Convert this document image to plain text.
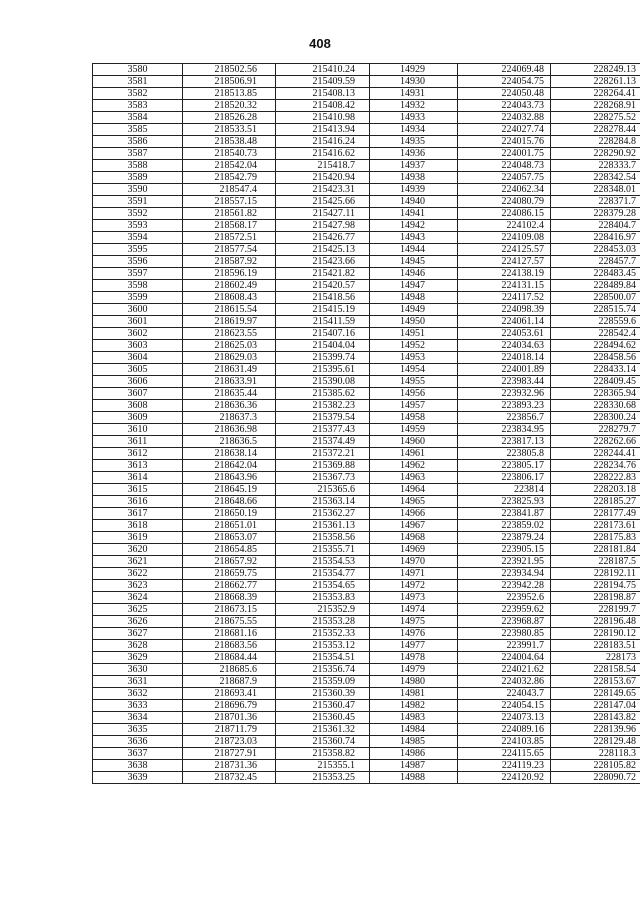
408
3580	218502.56	215410.24	14929	224069.48	228249.13
3581	218506.91	215409.59	14930	224054.75	228261.13
3582	218513.85	215408.13	14931	224050.48	228264.41
3583	218520.32	215408.42	14932	224043.73	228268.91
3584	218526.28	215410.98	14933	224032.88	228275.52
3585	218533.51	215413.94	14934	224027.74	228278.44
3586	218538.48	215416.24	14935	224015.76	228284.8
3587	218540.73	215416.62	14936	224001.75	228290.92
3588	218542.04	215418.7	14937	224048.73	228333.7
3589	218542.79	215420.94	14938	224057.75	228342.54
3590	218547.4	215423.31	14939	224062.34	228348.01
3591	218557.15	215425.66	14940	224080.79	228371.7
3592	218561.82	215427.11	14941	224086.15	228379.28
3593	218568.17	215427.98	14942	224102.4	228404.7
3594	218572.51	215426.77	14943	224109.08	228416.97
3595	218577.54	215425.13	14944	224125.57	228453.03
3596	218587.92	215423.66	14945	224127.57	228457.7
3597	218596.19	215421.82	14946	224138.19	228483.45
3598	218602.49	215420.57	14947	224131.15	228489.84
3599	218608.43	215418.56	14948	224117.52	228500.07
3600	218615.54	215415.19	14949	224098.39	228515.74
3601	218619.97	215411.59	14950	224061.14	228559.6
3602	218623.55	215407.16	14951	224053.61	228542.4
3603	218625.03	215404.04	14952	224034.63	228494.62
3604	218629.03	215399.74	14953	224018.14	228458.56
3605	218631.49	215395.61	14954	224001.89	228433.14
3606	218633.91	215390.08	14955	223983.44	228409.45
3607	218635.44	215385.62	14956	223932.96	228365.94
3608	218636.36	215382.23	14957	223893.23	228330.68
3609	218637.3	215379.54	14958	223856.7	228300.24
3610	218636.98	215377.43	14959	223834.95	228279.7
3611	218636.5	215374.49	14960	223817.13	228262.66
3612	218638.14	215372.21	14961	223805.8	228244.41
3613	218642.04	215369.88	14962	223805.17	228234.76
3614	218643.96	215367.73	14963	223806.17	228222.83
3615	218645.19	215365.6	14964	223814	228203.18
3616	218648.66	215363.14	14965	223825.93	228185.27
3617	218650.19	215362.27	14966	223841.87	228177.49
3618	218651.01	215361.13	14967	223859.02	228173.61
3619	218653.07	215358.56	14968	223879.24	228175.83
3620	218654.85	215355.71	14969	223905.15	228181.84
3621	218657.92	215354.53	14970	223921.95	228187.5
3622	218659.75	215354.77	14971	223934.94	228192.11
3623	218662.77	215354.65	14972	223942.28	228194.75
3624	218668.39	215353.83	14973	223952.6	228198.87
3625	218673.15	215352.9	14974	223959.62	228199.7
3626	218675.55	215353.28	14975	223968.87	228196.48
3627	218681.16	215352.33	14976	223980.85	228190.12
3628	218683.56	215353.12	14977	223991.7	228183.51
3629	218684.44	215354.51	14978	224004.64	228173
3630	218685.6	215356.74	14979	224021.62	228158.54
3631	218687.9	215359.09	14980	224032.86	228153.67
3632	218693.41	215360.39	14981	224043.7	228149.65
3633	218696.79	215360.47	14982	224054.15	228147.04
3634	218701.36	215360.45	14983	224073.13	228143.82
3635	218711.79	215361.32	14984	224089.16	228139.96
3636	218723.03	215360.74	14985	224103.85	228129.48
3637	218727.91	215358.82	14986	224115.65	228118.3
3638	218731.36	215355.1	14987	224119.23	228105.82
3639	218732.45	215353.25	14988	224120.92	228090.72
